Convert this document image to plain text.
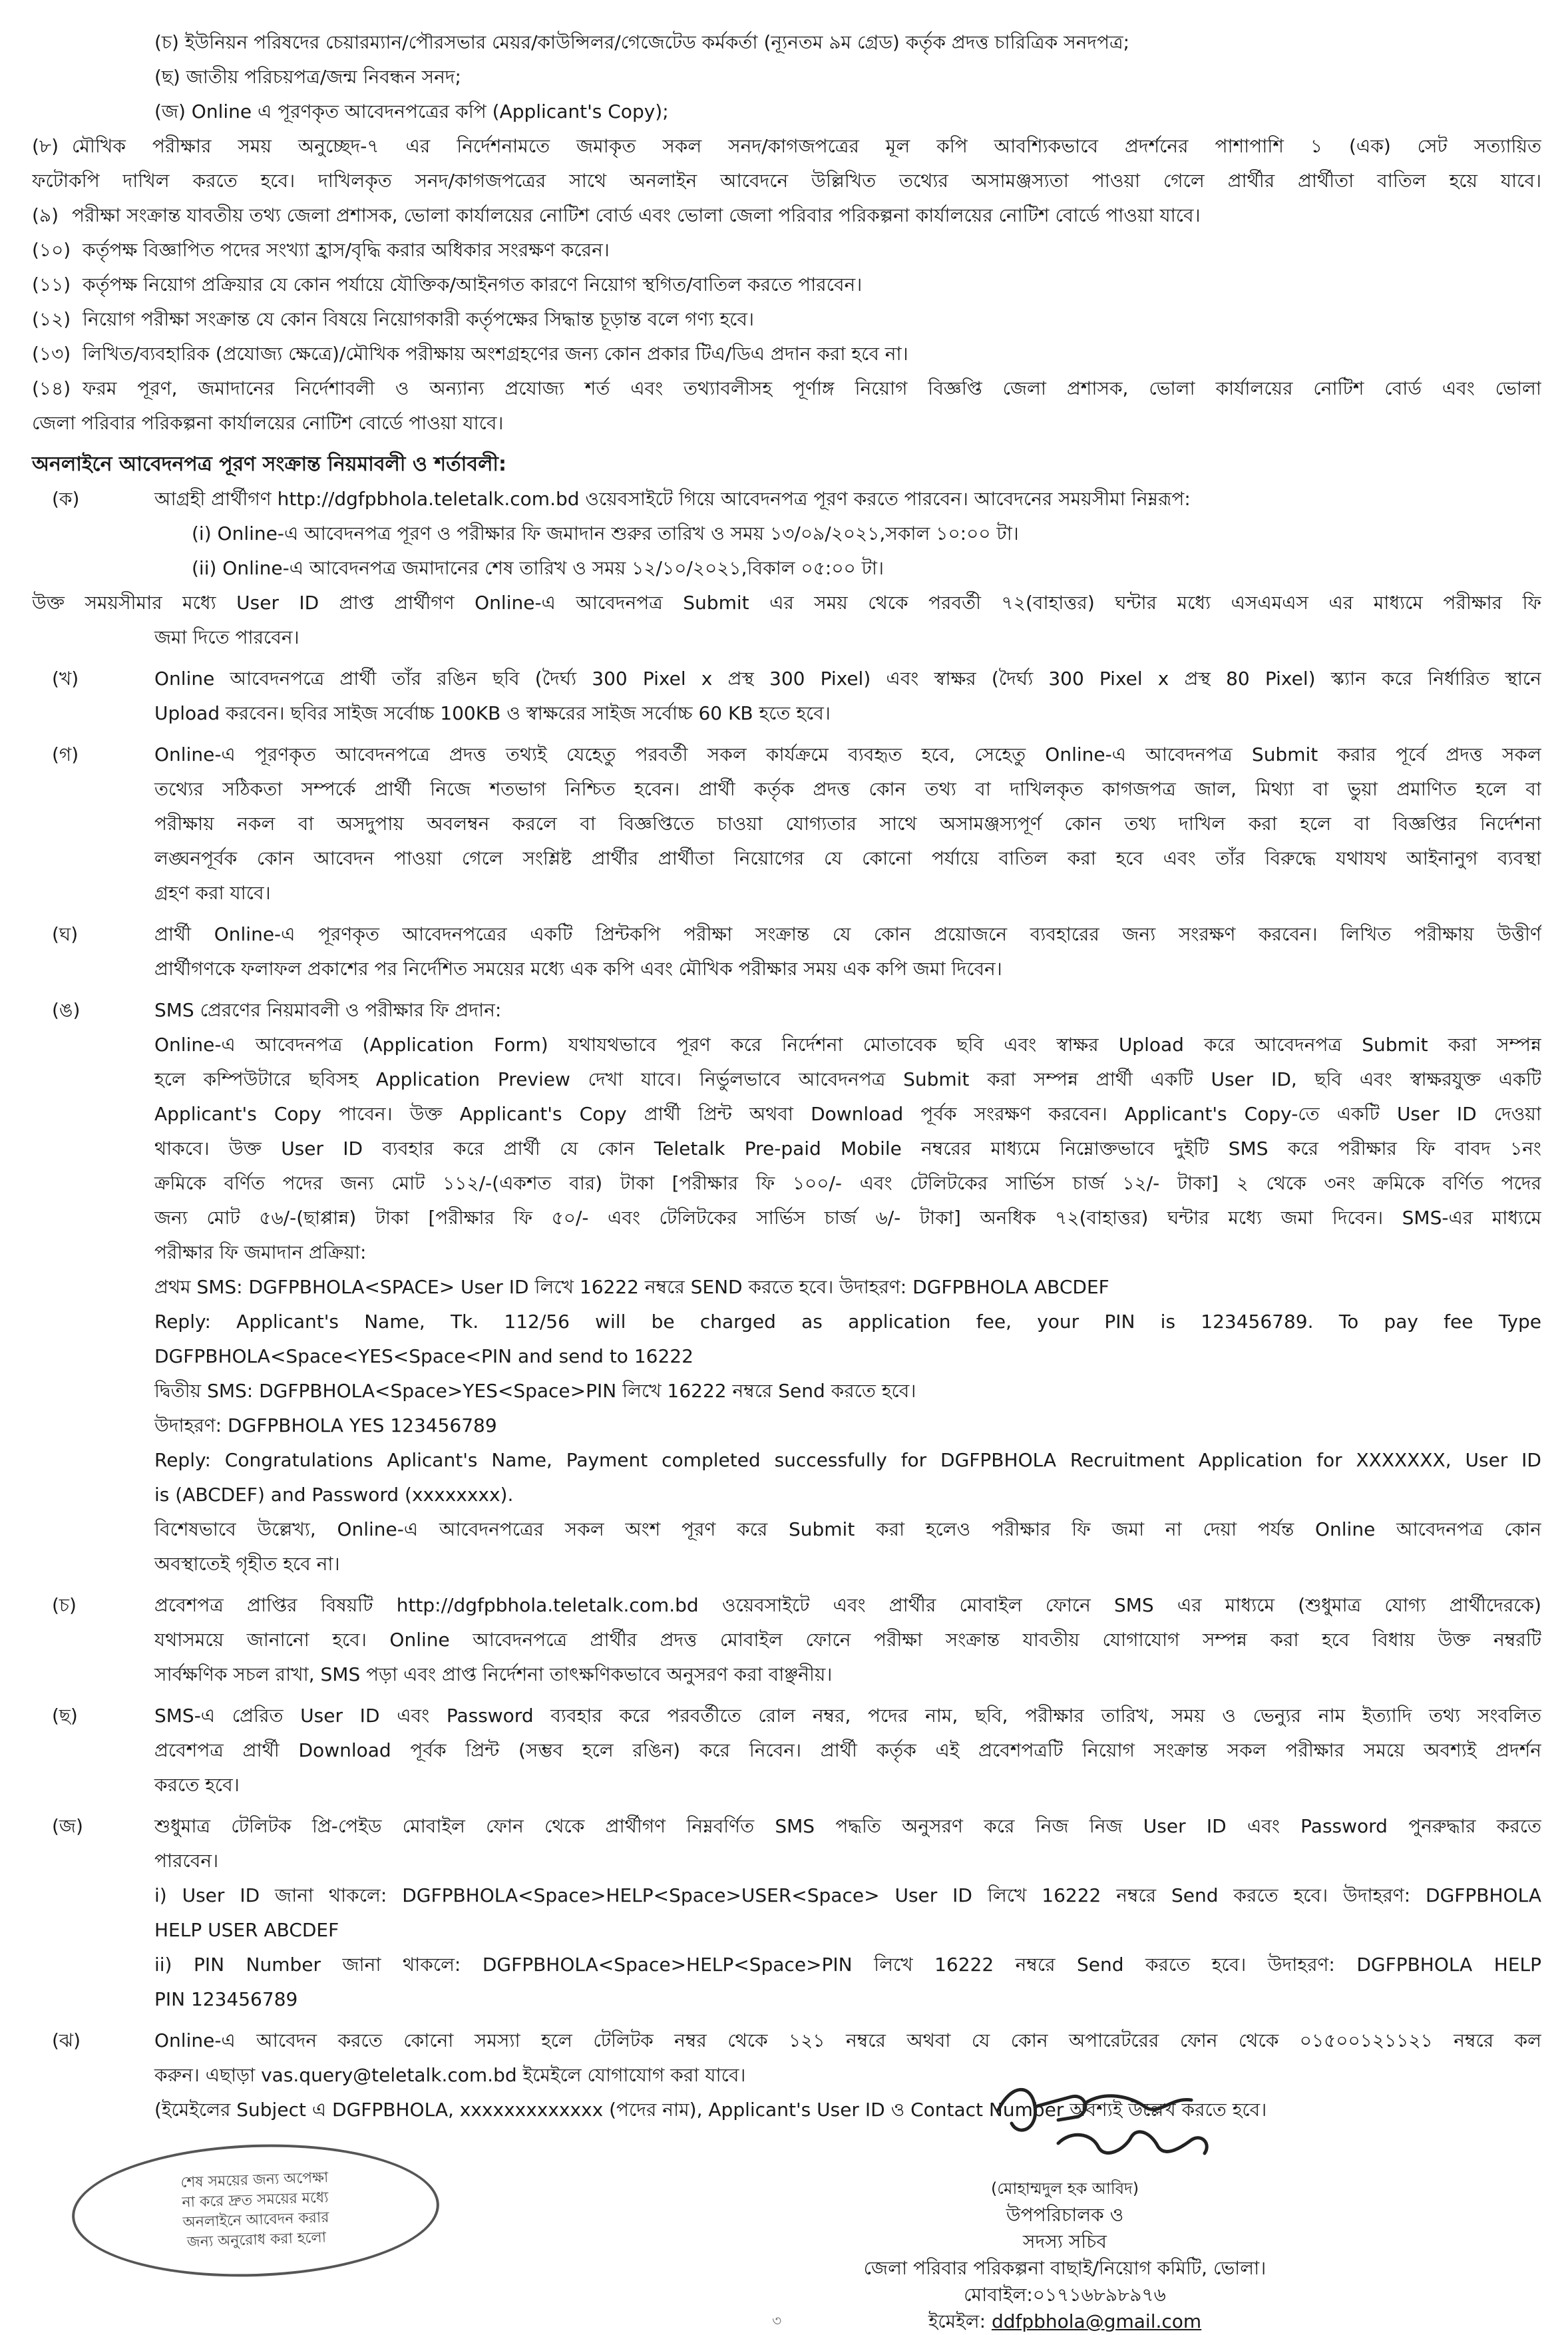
(চ) ইউনিয়ন পরিষদের চেয়ারম্যান/পৌরসভার মেয়র/কাউন্সিলর/গেজেটেড কর্মকর্তা (ন্যূনতম ৯ম গ্রেড) কর্তৃক প্রদত্ত চারিত্রিক সনদপত্র;

(ছ) জাতীয় পরিচয়পত্র/জন্ম নিবন্ধন সনদ;

(জ) Online এ পূরণকৃত আবেদনপত্রের কপি (Applicant's Copy);

(৮) মৌখিক পরীক্ষার সময় অনুচ্ছেদ-৭ এর নির্দেশনামতে জমাকৃত সকল সনদ/কাগজপত্রের মূল কপি আবশ্যিকভাবে প্রদর্শনের পাশাপাশি ১ (এক) সেট সত্যায়িত

ফটোকপি দাখিল করতে হবে। দাখিলকৃত সনদ/কাগজপত্রের সাথে অনলাইন আবেদনে উল্লিখিত তথ্যের অসামঞ্জস্যতা পাওয়া গেলে প্রার্থীর প্রার্থীতা বাতিল হয়ে যাবে।

(৯) পরীক্ষা সংক্রান্ত যাবতীয় তথ্য জেলা প্রশাসক, ভোলা কার্যালয়ের নোটিশ বোর্ড এবং ভোলা জেলা পরিবার পরিকল্পনা কার্যালয়ের নোটিশ বোর্ডে পাওয়া যাবে।

(১০) কর্তৃপক্ষ বিজ্ঞাপিত পদের সংখ্যা হ্রাস/বৃদ্ধি করার অধিকার সংরক্ষণ করেন।

(১১) কর্তৃপক্ষ নিয়োগ প্রক্রিয়ার যে কোন পর্যায়ে যৌক্তিক/আইনগত কারণে নিয়োগ স্থগিত/বাতিল করতে পারবেন।

(১২) নিয়োগ পরীক্ষা সংক্রান্ত যে কোন বিষয়ে নিয়োগকারী কর্তৃপক্ষের সিদ্ধান্ত চূড়ান্ত বলে গণ্য হবে।

(১৩) লিখিত/ব্যবহারিক (প্রযোজ্য ক্ষেত্রে)/মৌখিক পরীক্ষায় অংশগ্রহণের জন্য কোন প্রকার টিএ/ডিএ প্রদান করা হবে না।

(১৪) ফরম পূরণ, জমাদানের নির্দেশাবলী ও অন্যান্য প্রযোজ্য শর্ত এবং তথ্যাবলীসহ পূর্ণাঙ্গ নিয়োগ বিজ্ঞপ্তি জেলা প্রশাসক, ভোলা কার্যালয়ের নোটিশ বোর্ড এবং ভোলা

জেলা পরিবার পরিকল্পনা কার্যালয়ের নোটিশ বোর্ডে পাওয়া যাবে।

অনলাইনে আবেদনপত্র পূরণ সংক্রান্ত নিয়মাবলী ও শর্তাবলী:

(ক)	আগ্রহী প্রার্থীগণ http://dgfpbhola.teletalk.com.bd ওয়েবসাইটে গিয়ে আবেদনপত্র পূরণ করতে পারবেন। আবেদনের সময়সীমা নিম্নরূপ:

(i) Online-এ আবেদনপত্র পূরণ ও পরীক্ষার ফি জমাদান শুরুর তারিখ ও সময় ১৩/০৯/২০২১,সকাল ১০:০০ টা।

(ii) Online-এ আবেদনপত্র জমাদানের শেষ তারিখ ও সময় ১২/১০/২০২১,বিকাল ০৫:০০ টা।

উক্ত সময়সীমার মধ্যে User ID প্রাপ্ত প্রার্থীগণ Online-এ আবেদনপত্র Submit এর সময় থেকে পরবর্তী ৭২(বাহাত্তর) ঘন্টার মধ্যে এসএমএস এর মাধ্যমে পরীক্ষার ফি

জমা দিতে পারবেন।

(খ)	Online আবেদনপত্রে প্রার্থী তাঁর রঙিন ছবি (দৈর্ঘ্য 300 Pixel x প্রস্থ 300 Pixel) এবং স্বাক্ষর (দৈর্ঘ্য 300 Pixel x প্রস্থ 80 Pixel) স্ক্যান করে নির্ধারিত স্থানে

Upload করবেন। ছবির সাইজ সর্বোচ্চ 100KB ও স্বাক্ষরের সাইজ সর্বোচ্চ 60 KB হতে হবে।

(গ)	Online-এ পূরণকৃত আবেদনপত্রে প্রদত্ত তথ্যই যেহেতু পরবর্তী সকল কার্যক্রমে ব্যবহৃত হবে, সেহেতু Online-এ আবেদনপত্র Submit করার পূর্বে প্রদত্ত সকল

তথ্যের সঠিকতা সম্পর্কে প্রার্থী নিজে শতভাগ নিশ্চিত হবেন। প্রার্থী কর্তৃক প্রদত্ত কোন তথ্য বা দাখিলকৃত কাগজপত্র জাল, মিথ্যা বা ভুয়া প্রমাণিত হলে বা

পরীক্ষায় নকল বা অসদুপায় অবলম্বন করলে বা বিজ্ঞপ্তিতে চাওয়া যোগ্যতার সাথে অসামঞ্জস্যপূর্ণ কোন তথ্য দাখিল করা হলে বা বিজ্ঞপ্তির নির্দেশনা

লঙ্ঘনপূর্বক কোন আবেদন পাওয়া গেলে সংশ্লিষ্ট প্রার্থীর প্রার্থীতা নিয়োগের যে কোনো পর্যায়ে বাতিল করা হবে এবং তাঁর বিরুদ্ধে যথাযথ আইনানুগ ব্যবস্থা

গ্রহণ করা যাবে।

(ঘ)	প্রার্থী Online-এ পূরণকৃত আবেদনপত্রের একটি প্রিন্টকপি পরীক্ষা সংক্রান্ত যে কোন প্রয়োজনে ব্যবহারের জন্য সংরক্ষণ করবেন। লিখিত পরীক্ষায় উত্তীর্ণ

প্রার্থীগণকে ফলাফল প্রকাশের পর নির্দেশিত সময়ের মধ্যে এক কপি এবং মৌখিক পরীক্ষার সময় এক কপি জমা দিবেন।

(ঙ)	SMS প্রেরণের নিয়মাবলী ও পরীক্ষার ফি প্রদান:

Online-এ আবেদনপত্র (Application Form) যথাযথভাবে পূরণ করে নির্দেশনা মোতাবেক ছবি এবং স্বাক্ষর Upload করে আবেদনপত্র Submit করা সম্পন্ন

হলে কম্পিউটারে ছবিসহ Application Preview দেখা যাবে। নির্ভুলভাবে আবেদনপত্র Submit করা সম্পন্ন প্রার্থী একটি User ID, ছবি এবং স্বাক্ষরযুক্ত একটি

Applicant's Copy পাবেন। উক্ত Applicant's Copy প্রার্থী প্রিন্ট অথবা Download পূর্বক সংরক্ষণ করবেন। Applicant's Copy-তে একটি User ID দেওয়া

থাকবে। উক্ত User ID ব্যবহার করে প্রার্থী যে কোন Teletalk Pre-paid Mobile নম্বরের মাধ্যমে নিম্নোক্তভাবে দুইটি SMS করে পরীক্ষার ফি বাবদ ১নং

ক্রমিকে বর্ণিত পদের জন্য মোট ১১২/-(একশত বার) টাকা [পরীক্ষার ফি ১০০/- এবং টেলিটকের সার্ভিস চার্জ ১২/- টাকা] ২ থেকে ৩নং ক্রমিকে বর্ণিত পদের

জন্য মোট ৫৬/-(ছাপ্পান্ন) টাকা [পরীক্ষার ফি ৫০/- এবং টেলিটকের সার্ভিস চার্জ ৬/- টাকা] অনধিক ৭২(বাহাত্তর) ঘন্টার মধ্যে জমা দিবেন। SMS-এর মাধ্যমে

পরীক্ষার ফি জমাদান প্রক্রিয়া:

প্রথম SMS: DGFPBHOLA<SPACE> User ID লিখে 16222 নম্বরে SEND করতে হবে। উদাহরণ: DGFPBHOLA ABCDEF

Reply: Applicant's Name, Tk. 112/56 will be charged as application fee, your PIN is 123456789. To pay fee Type

DGFPBHOLA<Space<YES<Space<PIN and send to 16222

দ্বিতীয় SMS: DGFPBHOLA<Space>YES<Space>PIN লিখে 16222 নম্বরে Send করতে হবে।

উদাহরণ: DGFPBHOLA YES 123456789

Reply: Congratulations Aplicant's Name, Payment completed successfully for DGFPBHOLA Recruitment Application for XXXXXXX, User ID

is (ABCDEF) and Password (xxxxxxxx).

বিশেষভাবে উল্লেখ্য, Online-এ আবেদনপত্রের সকল অংশ পূরণ করে Submit করা হলেও পরীক্ষার ফি জমা না দেয়া পর্যন্ত Online আবেদনপত্র কোন

অবস্থাতেই গৃহীত হবে না।

(চ)	প্রবেশপত্র প্রাপ্তির বিষয়টি http://dgfpbhola.teletalk.com.bd ওয়েবসাইটে এবং প্রার্থীর মোবাইল ফোনে SMS এর মাধ্যমে (শুধুমাত্র যোগ্য প্রার্থীদেরকে)

যথাসময়ে জানানো হবে। Online আবেদনপত্রে প্রার্থীর প্রদত্ত মোবাইল ফোনে পরীক্ষা সংক্রান্ত যাবতীয় যোগাযোগ সম্পন্ন করা হবে বিধায় উক্ত নম্বরটি

সার্বক্ষণিক সচল রাখা, SMS পড়া এবং প্রাপ্ত নির্দেশনা তাৎক্ষণিকভাবে অনুসরণ করা বাঞ্ছনীয়।

(ছ)	SMS-এ প্রেরিত User ID এবং Password ব্যবহার করে পরবর্তীতে রোল নম্বর, পদের নাম, ছবি, পরীক্ষার তারিখ, সময় ও ভেন্যুর নাম ইত্যাদি তথ্য সংবলিত

প্রবেশপত্র প্রার্থী Download পূর্বক প্রিন্ট (সম্ভব হলে রঙিন) করে নিবেন। প্রার্থী কর্তৃক এই প্রবেশপত্রটি নিয়োগ সংক্রান্ত সকল পরীক্ষার সময়ে অবশ্যই প্রদর্শন

করতে হবে।

(জ)	শুধুমাত্র টেলিটক প্রি-পেইড মোবাইল ফোন থেকে প্রার্থীগণ নিম্নবর্ণিত SMS পদ্ধতি অনুসরণ করে নিজ নিজ User ID এবং Password পুনরুদ্ধার করতে

পারবেন।

i) User ID জানা থাকলে: DGFPBHOLA<Space>HELP<Space>USER<Space> User ID লিখে 16222 নম্বরে Send করতে হবে। উদাহরণ: DGFPBHOLA

HELP USER ABCDEF

ii) PIN Number জানা থাকলে: DGFPBHOLA<Space>HELP<Space>PIN লিখে 16222 নম্বরে Send করতে হবে। উদাহরণ: DGFPBHOLA HELP

PIN 123456789

(ঝ)	Online-এ আবেদন করতে কোনো সমস্যা হলে টেলিটক নম্বর থেকে ১২১ নম্বরে অথবা যে কোন অপারেটরের ফোন থেকে ০১৫০০১২১১২১ নম্বরে কল

করুন। এছাড়া vas.query@teletalk.com.bd ইমেইলে যোগাযোগ করা যাবে।

(ইমেইলের Subject এ DGFPBHOLA, xxxxxxxxxxxxx (পদের নাম), Applicant's User ID ও Contact Number অবশ্যই উল্লেখ করতে হবে।

শেষ সময়ের জন্য অপেক্ষা
না করে দ্রুত সময়ের মধ্যে
অনলাইনে আবেদন করার
জন্য অনুরোধ করা হলো

(মোহাম্মদুল হক আবিদ)

উপপরিচালক ও

সদস্য সচিব

জেলা পরিবার পরিকল্পনা বাছাই/নিয়োগ কমিটি, ভোলা।

মোবাইল:০১৭১৬৮৯৮৯৭৬

ইমেইল: ddfpbhola@gmail.com

৩
